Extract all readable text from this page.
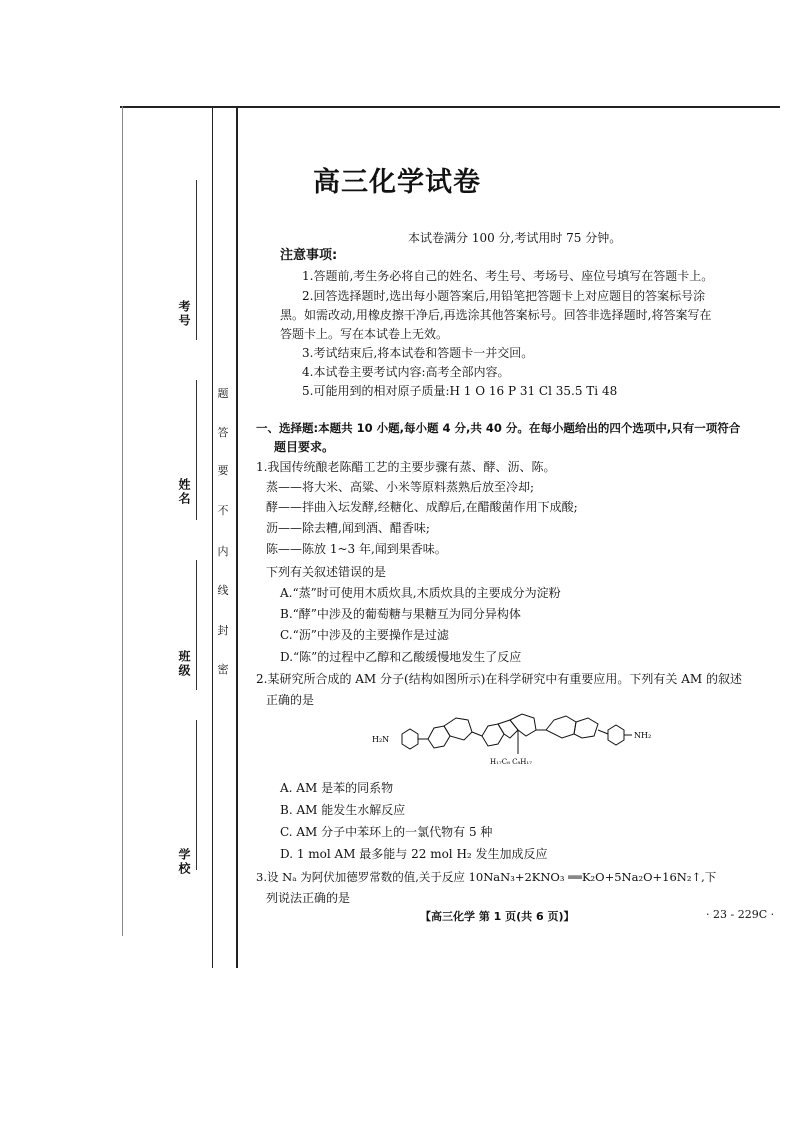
考号
姓名
班级
学校
题
答
要
不
内
线
封
密
高三化学试卷
本试卷满分 100 分,考试用时 75 分钟。
注意事项:
1.答题前,考生务必将自己的姓名、考生号、考场号、座位号填写在答题卡上。
2.回答选择题时,选出每小题答案后,用铅笔把答题卡上对应题目的答案标号涂
黑。如需改动,用橡皮擦干净后,再选涂其他答案标号。回答非选择题时,将答案写在
答题卡上。写在本试卷上无效。
3.考试结束后,将本试卷和答题卡一并交回。
4.本试卷主要考试内容:高考全部内容。
5.可能用到的相对原子质量:H 1 O 16 P 31 Cl 35.5 Ti 48
一、选择题:本题共 10 小题,每小题 4 分,共 40 分。在每小题给出的四个选项中,只有一项符合
题目要求。
1.我国传统酿老陈醋工艺的主要步骤有蒸、酵、沥、陈。
蒸——将大米、高粱、小米等原料蒸熟后放至冷却;
酵——拌曲入坛发酵,经糖化、成醇后,在醋酸菌作用下成酸;
沥——除去糟,闻到酒、醋香味;
陈——陈放 1~3 年,闻到果香味。
下列有关叙述错误的是
A.“蒸”时可使用木质炊具,木质炊具的主要成分为淀粉
B.“酵”中涉及的葡萄糖与果糖互为同分异构体
C.“沥”中涉及的主要操作是过滤
D.“陈”的过程中乙醇和乙酸缓慢地发生了反应
2.某研究所合成的 AM 分子(结构如图所示)在科学研究中有重要应用。下列有关 AM 的叙述
正确的是
H₂N	NH₂
H₁₇C₈ C₈H₁₇
A. AM 是苯的同系物
B. AM 能发生水解反应
C. AM 分子中苯环上的一氯代物有 5 种
D. 1 mol AM 最多能与 22 mol H₂ 发生加成反应
3.设 Nₐ 为阿伏加德罗常数的值,关于反应 10NaN₃+2KNO₃ ══K₂O+5Na₂O+16N₂↑,下
列说法正确的是
【高三化学 第 1 页(共 6 页)】	· 23 - 229C ·
